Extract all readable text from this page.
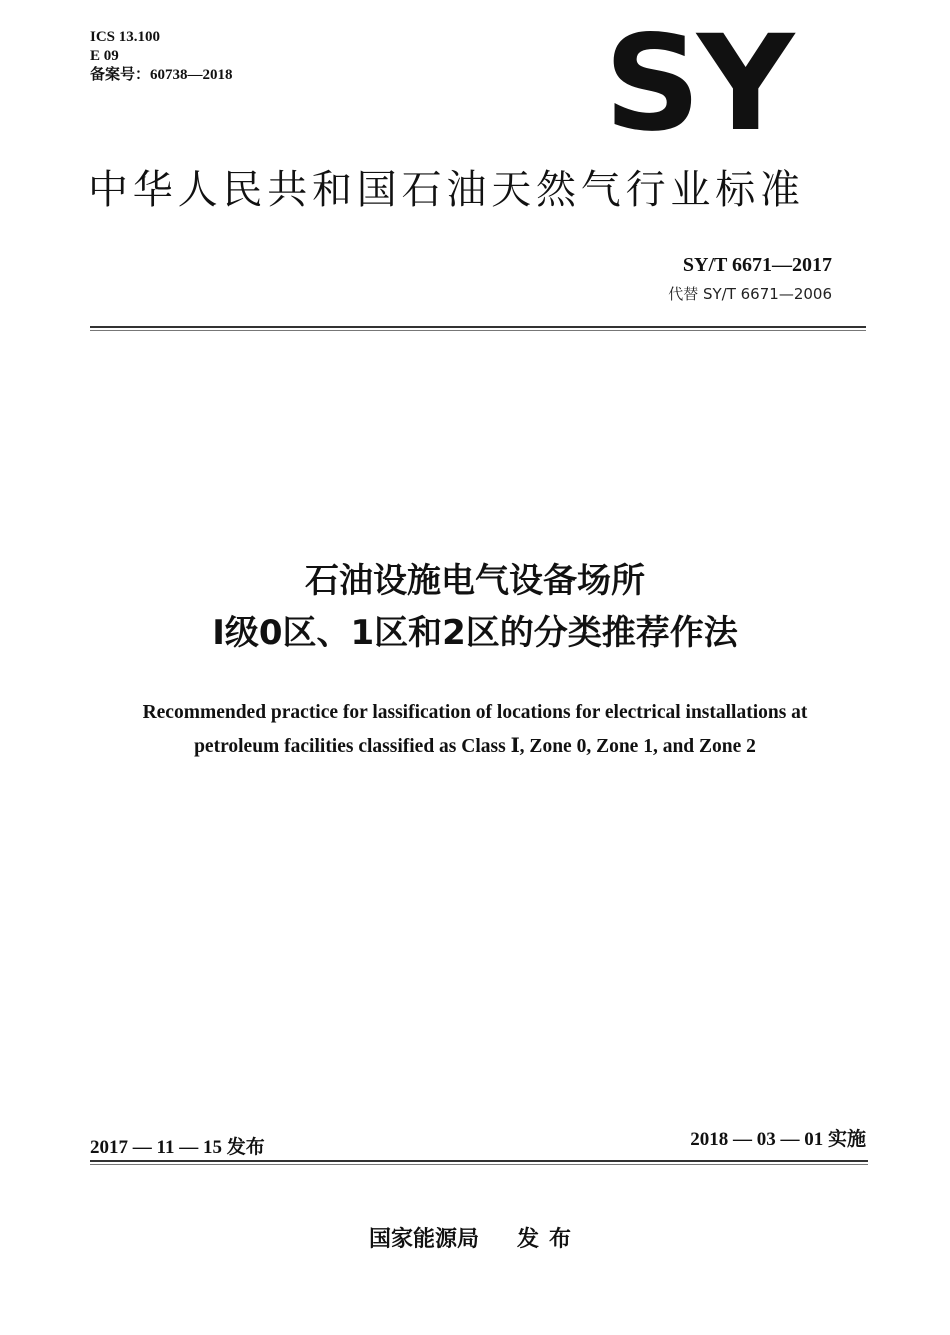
ICS 13.100
E 09
备案号：60738—2018	SY
中华人民共和国石油天然气行业标准
SY/T 6671—2017
代替 SY/T 6671—2006
石油设施电气设备场所
I级0区、1区和2区的分类推荐作法
Recommended practice for lassification of locations for electrical installations at
petroleum facilities classified as Class Ⅰ, Zone 0, Zone 1, and Zone 2
2017 — 11 — 15 发布	2018 — 03 — 01 实施
国家能源局 发布
